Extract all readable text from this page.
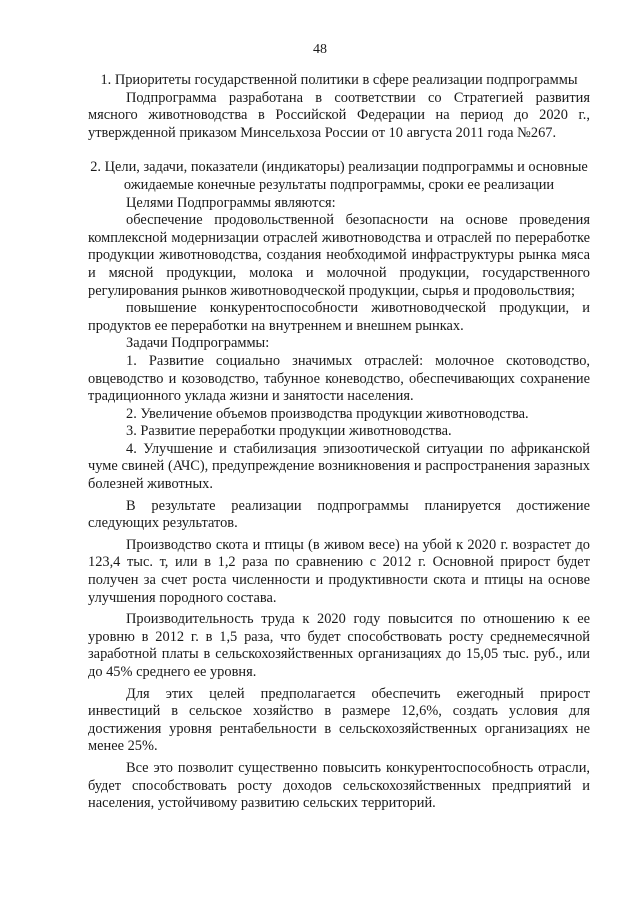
48

1. Приоритеты государственной политики в сфере реализации подпрограммы

Подпрограмма разработана в соответствии со Стратегией развития мясного животноводства в Российской Федерации на период до 2020 г., утвержденной приказом Минсельхоза России от 10 августа 2011 года №267.

2. Цели, задачи, показатели (индикаторы) реализации подпрограммы и основные ожидаемые конечные результаты подпрограммы, сроки ее реализации

Целями Подпрограммы являются:

обеспечение продовольственной безопасности на основе проведения комплексной модернизации отраслей животноводства и отраслей по переработке продукции животноводства, создания необходимой инфраструктуры рынка мяса и мясной продукции, молока и молочной продукции, государственного регулирования рынков животноводческой продукции, сырья и продовольствия;

повышение конкурентоспособности животноводческой продукции, и продуктов ее переработки на внутреннем и внешнем рынках.

Задачи Подпрограммы:

1. Развитие социально значимых отраслей: молочное скотоводство, овцеводство и козоводство, табунное коневодство, обеспечивающих сохранение традиционного уклада жизни и занятости населения.

2. Увеличение объемов производства продукции животноводства.

3. Развитие переработки продукции животноводства.

4. Улучшение и стабилизация эпизоотической ситуации по африканской чуме свиней (АЧС), предупреждение возникновения и распространения заразных болезней животных.

В результате реализации подпрограммы планируется достижение следующих результатов.

Производство скота и птицы (в живом весе) на убой к 2020 г. возрастет до 123,4 тыс. т, или в 1,2 раза по сравнению с 2012 г. Основной прирост будет получен за счет роста численности и продуктивности скота и птицы на основе улучшения породного состава.

Производительность труда к 2020 году повысится по отношению к ее уровню в 2012 г. в 1,5 раза, что будет способствовать росту среднемесячной заработной платы в сельскохозяйственных организациях до 15,05 тыс. руб., или до 45% среднего ее уровня.

Для этих целей предполагается обеспечить ежегодный прирост инвестиций в сельское хозяйство в размере 12,6%, создать условия для достижения уровня рентабельности в сельскохозяйственных организациях не менее 25%.

Все это позволит существенно повысить конкурентоспособность отрасли, будет способствовать росту доходов сельскохозяйственных предприятий и населения, устойчивому развитию сельских территорий.
